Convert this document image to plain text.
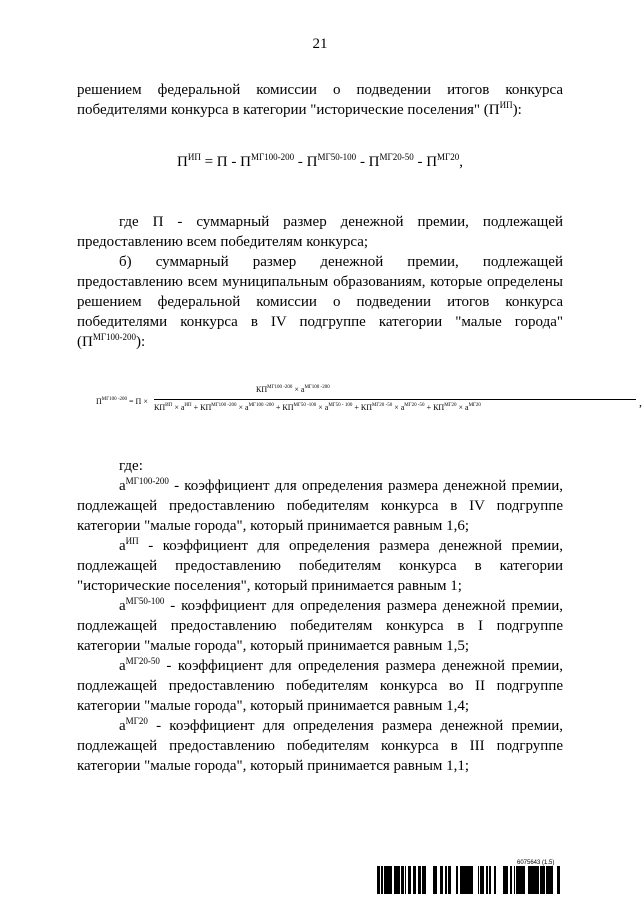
21
решением федеральной комиссии о подведении итогов конкурса
победителями конкурса в категории "исторические поселения" $(П^{ИП})$:
$П^{ИП} = П - П^{МГ100-200} - П^{МГ50-100} - П^{МГ20-50} - П^{МГ20}$,
где П - суммарный размер денежной премии, подлежащей
предоставлению всем победителям конкурса;
б) суммарный размер денежной премии, подлежащей
предоставлению всем муниципальным образованиям, которые определены
решением федеральной комиссии о подведении итогов конкурса
победителями конкурса в IV подгруппе категории "малые города"
$(П^{МГ100-200})$:
$П^{МГ100 -200} = П$ ×
$КП^{МГ100 -200} \times a^{МГ100 -200}$
$КП^{ИП} \times a^{ИП} + КП^{МГ100 -200} \times a^{МГ100 -200} + КП^{МГ50 -100} \times a^{МГ50 - 100} + КП^{МГ20 -50} \times a^{МГ20 -50} + КП^{МГ20} \times a^{МГ20}$	,
где:
$a^{МГ100-200}$ - коэффициент для определения размера денежной премии,
подлежащей предоставлению победителям конкурса в IV подгруппе
категории "малые города", который принимается равным 1,6;
$a^{ИП}$ - коэффициент для определения размера денежной премии,
подлежащей предоставлению победителям конкурса в категории
"исторические поселения", который принимается равным 1;
$a^{МГ50-100}$ - коэффициент для определения размера денежной премии,
подлежащей предоставлению победителям конкурса в I подгруппе
категории "малые города", который принимается равным 1,5;
$a^{МГ20-50}$ - коэффициент для определения размера денежной премии,
подлежащей предоставлению победителям конкурса во II подгруппе
категории "малые города", который принимается равным 1,4;
$a^{МГ20}$ - коэффициент для определения размера денежной премии,
подлежащей предоставлению победителям конкурса в III подгруппе
категории "малые города", который принимается равным 1,1;
6075643 (1.5)
